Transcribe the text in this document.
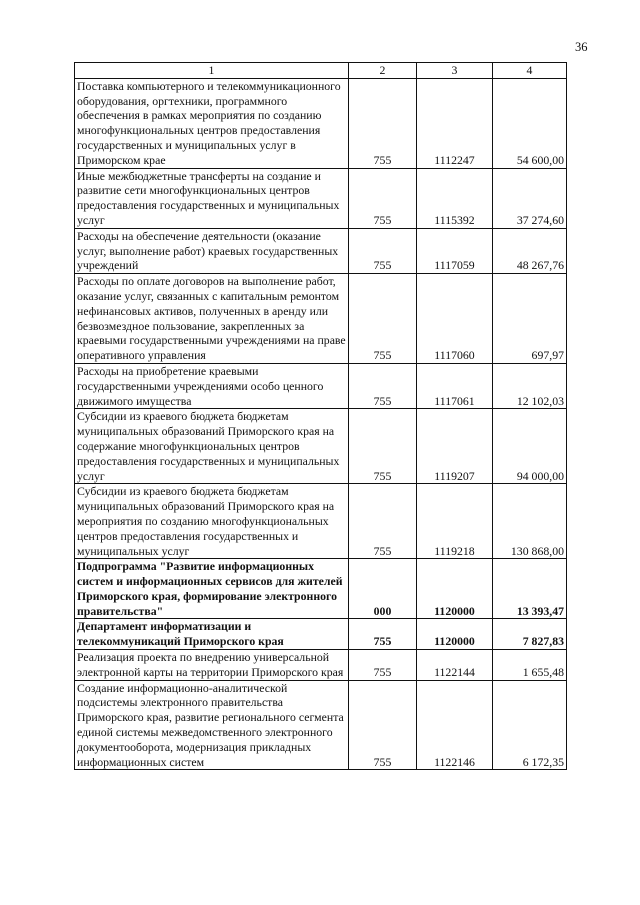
36
1	2	3	4
Поставка компьютерного и телекоммуникационного оборудования, оргтехники, программного обеспечения в рамках мероприятия по созданию многофункциональных центров предоставления государственных и муниципальных услуг в Приморском крае	755	1112247	54 600,00
Иные межбюджетные трансферты на создание и развитие сети многофункциональных центров предоставления государственных и муниципальных услуг	755	1115392	37 274,60
Расходы на обеспечение деятельности (оказание услуг, выполнение работ) краевых государственных учреждений	755	1117059	48 267,76
Расходы по оплате договоров на выполнение работ, оказание услуг, связанных с капитальным ремонтом нефинансовых активов, полученных в аренду или безвозмездное пользование, закрепленных за краевыми государственными учреждениями на праве оперативного управления	755	1117060	697,97
Расходы на приобретение краевыми государственными учреждениями особо ценного движимого имущества	755	1117061	12 102,03
Субсидии из краевого бюджета бюджетам муниципальных образований Приморского края на содержание многофункциональных центров предоставления государственных и муниципальных услуг	755	1119207	94 000,00
Субсидии из краевого бюджета бюджетам муниципальных образований Приморского края на мероприятия по созданию многофункциональных центров предоставления государственных и муниципальных услуг	755	1119218	130 868,00
Подпрограмма "Развитие информационных систем и информационных сервисов для жителей Приморского края, формирование электронного правительства"	000	1120000	13 393,47
Департамент информатизации и телекоммуникаций Приморского края	755	1120000	7 827,83
Реализация проекта по внедрению универсальной электронной карты на территории Приморского края	755	1122144	1 655,48
Создание информационно-аналитической подсистемы электронного правительства Приморского края, развитие регионального сегмента единой системы межведомственного электронного документооборота, модернизация прикладных информационных систем	755	1122146	6 172,35
